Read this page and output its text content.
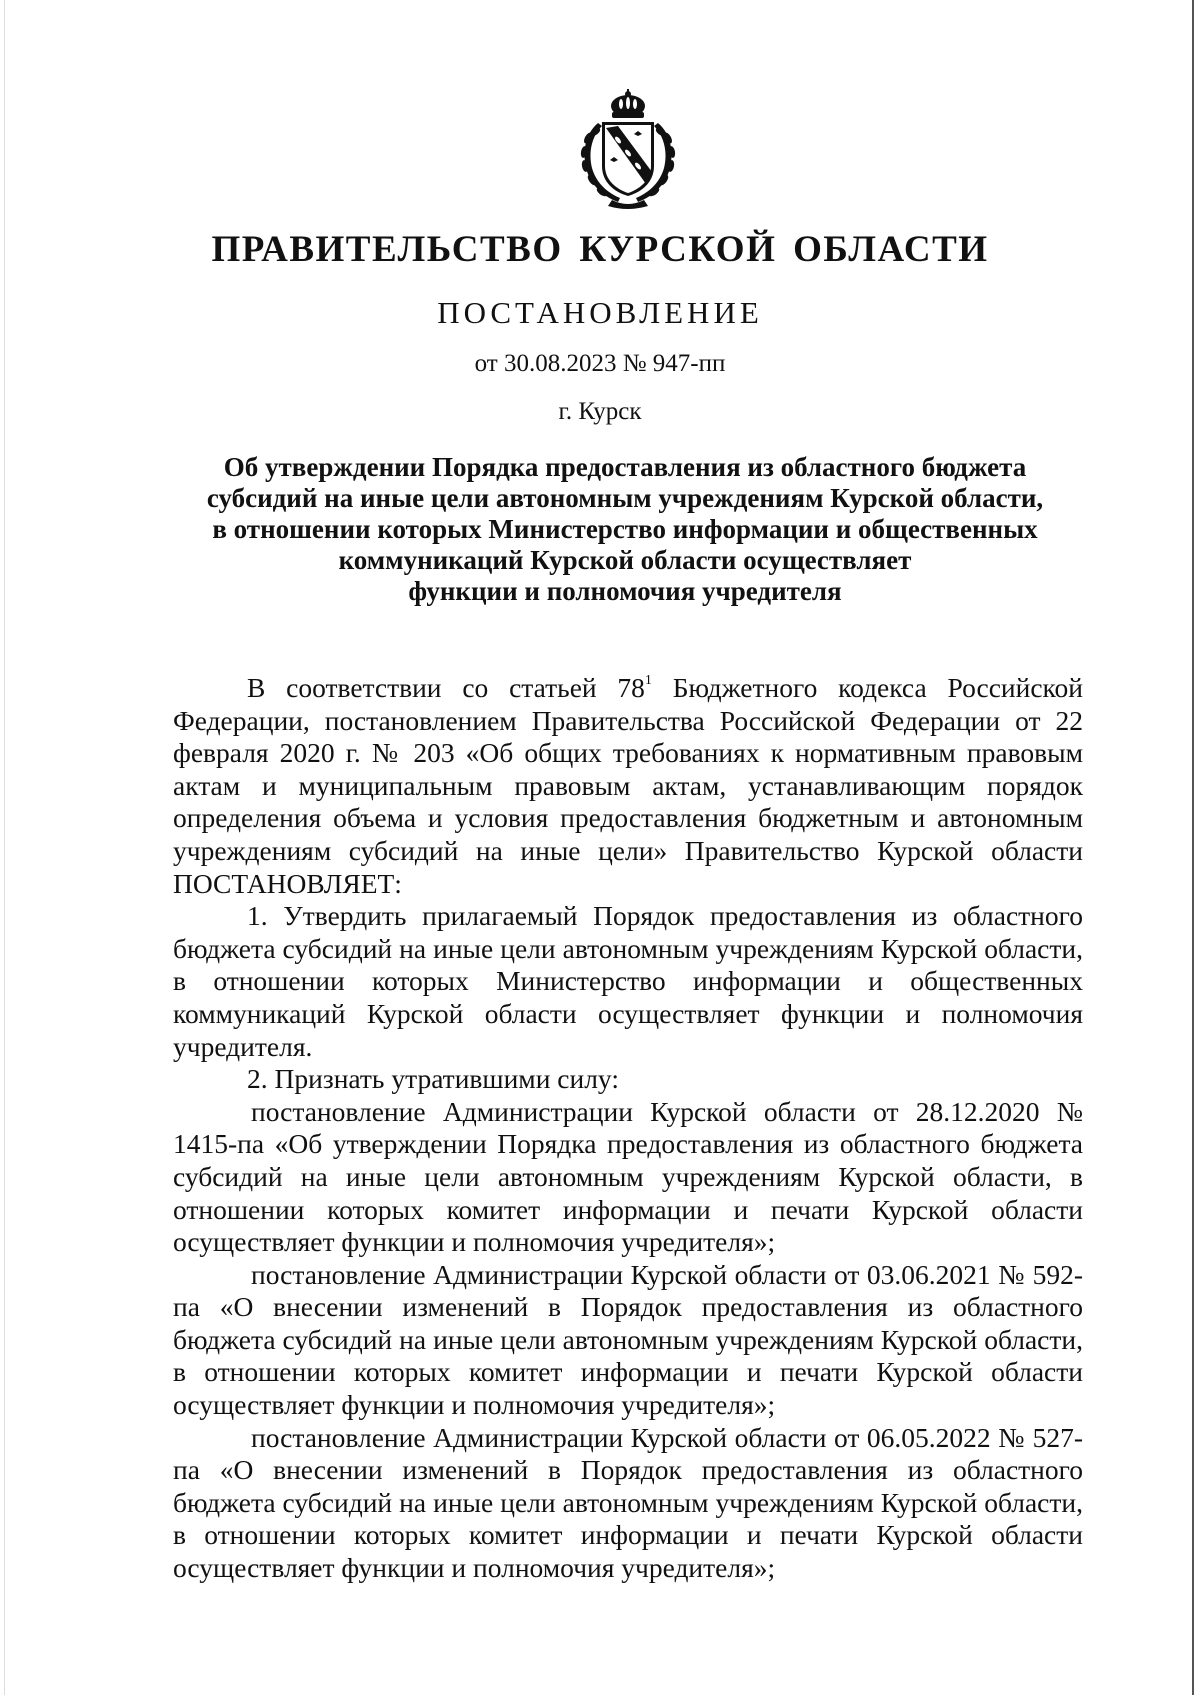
ПРАВИТЕЛЬСТВО КУРСКОЙ ОБЛАСТИ
ПОСТАНОВЛЕНИЕ
от 30.08.2023 № 947-пп
г. Курск
Об утверждении Порядка предоставления из областного бюджета
субсидий на иные цели автономным учреждениям Курской области,
в отношении которых Министерство информации и общественных
коммуникаций Курской области осуществляет
функции и полномочия учредителя

В соответствии со статьей $78^1$ Бюджетного кодекса Российской Федерации, постановлением Правительства Российской Федерации от 22 февраля 2020 г. № 203 «Об общих требованиях к нормативным правовым актам и муниципальным правовым актам, устанавливающим порядок определения объема и условия предоставления бюджетным и автономным учреждениям субсидий на иные цели» Правительство Курской области ПОСТАНОВЛЯЕТ:

1. Утвердить прилагаемый Порядок предоставления из областного бюджета субсидий на иные цели автономным учреждениям Курской области, в отношении которых Министерство информации и общественных коммуникаций Курской области осуществляет функции и полномочия учредителя.

2. Признать утратившими силу:

постановление Администрации Курской области от 28.12.2020 № 1415-па «Об утверждении Порядка предоставления из областного бюджета субсидий на иные цели автономным учреждениям Курской области, в отношении которых комитет информации и печати Курской области осуществляет функции и полномочия учредителя»;

постановление Администрации Курской области от 03.06.2021 № 592-па «О внесении изменений в Порядок предоставления из областного бюджета субсидий на иные цели автономным учреждениям Курской области, в отношении которых комитет информации и печати Курской области осуществляет функции и полномочия учредителя»;

постановление Администрации Курской области от 06.05.2022 № 527-па «О внесении изменений в Порядок предоставления из областного бюджета субсидий на иные цели автономным учреждениям Курской области, в отношении которых комитет информации и печати Курской области осуществляет функции и полномочия учредителя»;
